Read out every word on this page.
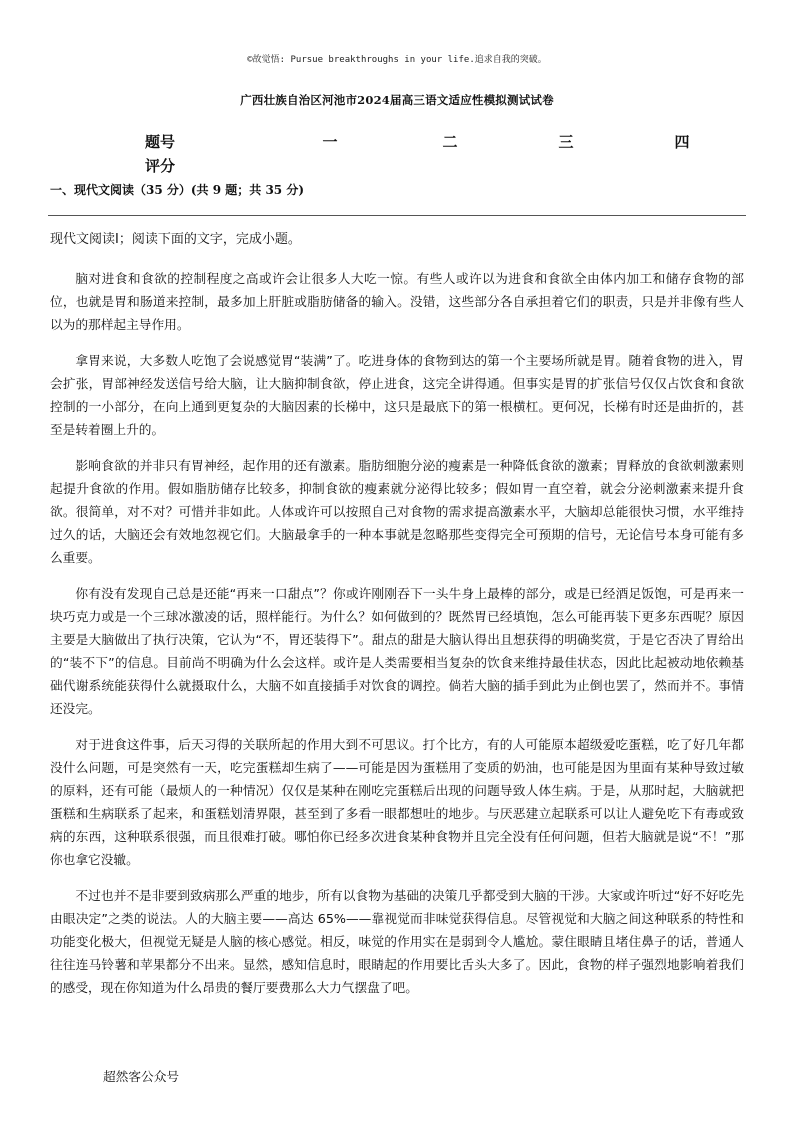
©故觉悟: Pursue breakthroughs in your life.追求自我的突破。
广西壮族自治区河池市2024届高三语文适应性模拟测试试卷
题号	一	二	三	四
评分
一、现代文阅读（35 分）(共 9 题；共 35 分)
现代文阅读Ⅰ；阅读下面的文字，完成小题。

脑对进食和食欲的控制程度之高或许会让很多人大吃一惊。有些人或许以为进食和食欲全由体内加工和储存食物的部位，也就是胃和肠道来控制，最多加上肝脏或脂肪储备的输入。没错，这些部分各自承担着它们的职责，只是并非像有些人以为的那样起主导作用。

拿胃来说，大多数人吃饱了会说感觉胃“装满”了。吃进身体的食物到达的第一个主要场所就是胃。随着食物的进入，胃会扩张，胃部神经发送信号给大脑，让大脑抑制食欲，停止进食，这完全讲得通。但事实是胃的扩张信号仅仅占饮食和食欲控制的一小部分，在向上通到更复杂的大脑因素的长梯中，这只是最底下的第一根横杠。更何况，长梯有时还是曲折的，甚至是转着圈上升的。

影响食欲的并非只有胃神经，起作用的还有激素。脂肪细胞分泌的瘦素是一种降低食欲的激素；胃释放的食欲刺激素则起提升食欲的作用。假如脂肪储存比较多，抑制食欲的瘦素就分泌得比较多；假如胃一直空着，就会分泌刺激素来提升食欲。很简单，对不对？可惜并非如此。人体或许可以按照自己对食物的需求提高激素水平，大脑却总能很快习惯，水平维持过久的话，大脑还会有效地忽视它们。大脑最拿手的一种本事就是忽略那些变得完全可预期的信号，无论信号本身可能有多么重要。

你有没有发现自己总是还能“再来一口甜点”？你或许刚刚吞下一头牛身上最棒的部分，或是已经酒足饭饱，可是再来一块巧克力或是一个三球冰激凌的话，照样能行。为什么？如何做到的？既然胃已经填饱，怎么可能再装下更多东西呢？原因主要是大脑做出了执行决策，它认为“不，胃还装得下”。甜点的甜是大脑认得出且想获得的明确奖赏，于是它否决了胃给出的“装不下”的信息。目前尚不明确为什么会这样。或许是人类需要相当复杂的饮食来维持最佳状态，因此比起被动地依赖基础代谢系统能获得什么就摄取什么，大脑不如直接插手对饮食的调控。倘若大脑的插手到此为止倒也罢了，然而并不。事情还没完。

对于进食这件事，后天习得的关联所起的作用大到不可思议。打个比方，有的人可能原本超级爱吃蛋糕，吃了好几年都没什么问题，可是突然有一天，吃完蛋糕却生病了——可能是因为蛋糕用了变质的奶油，也可能是因为里面有某种导致过敏的原料，还有可能（最烦人的一种情况）仅仅是某种在刚吃完蛋糕后出现的问题导致人体生病。于是，从那时起，大脑就把蛋糕和生病联系了起来，和蛋糕划清界限，甚至到了多看一眼都想吐的地步。与厌恶建立起联系可以让人避免吃下有毒或致病的东西，这种联系很强，而且很难打破。哪怕你已经多次进食某种食物并且完全没有任何问题，但若大脑就是说“不！”那你也拿它没辙。

不过也并不是非要到致病那么严重的地步，所有以食物为基础的决策几乎都受到大脑的干涉。大家或许听过“好不好吃先由眼决定”之类的说法。人的大脑主要——高达 65%——靠视觉而非味觉获得信息。尽管视觉和大脑之间这种联系的特性和功能变化极大，但视觉无疑是人脑的核心感觉。相反，味觉的作用实在是弱到令人尴尬。蒙住眼睛且堵住鼻子的话，普通人往往连马铃薯和苹果都分不出来。显然，感知信息时，眼睛起的作用要比舌头大多了。因此，食物的样子强烈地影响着我们的感受，现在你知道为什么昂贵的餐厅要费那么大力气摆盘了吧。

超然客公众号
